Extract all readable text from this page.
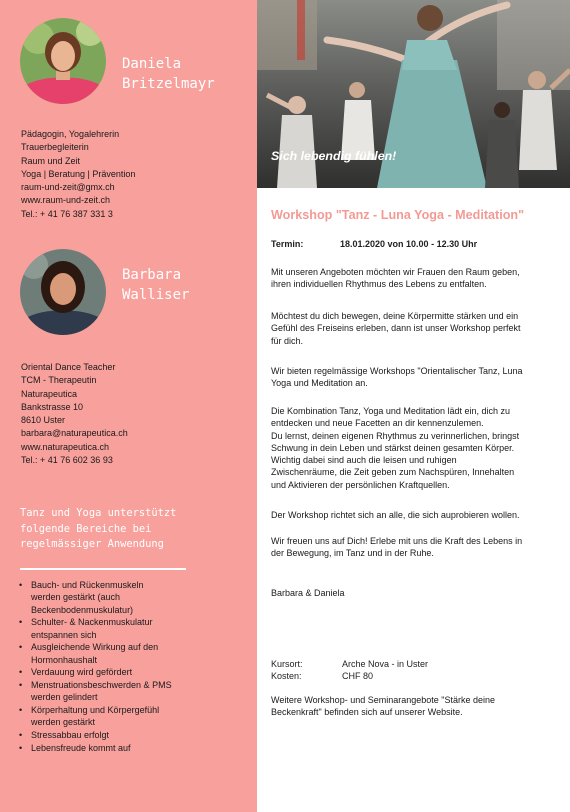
Daniela
Britzelmayr
Pädagogin, Yogalehrerin
Trauerbegleiterin
Raum und Zeit
Yoga | Beratung | Prävention
raum-und-zeit@gmx.ch
www.raum-und-zeit.ch
Tel.: + 41 76 387 331 3
Barbara
Walliser
Oriental Dance Teacher
TCM - Therapeutin
Naturapeutica
Bankstrasse 10
8610 Uster
barbara@naturapeutica.ch
www.naturapeutica.ch
Tel.: + 41 76 602 36 93
Tanz und Yoga unterstützt
folgende Bereiche bei
regelmässiger Anwendung
• Bauch- und Rückenmuskeln
werden gestärkt (auch
Beckenbodenmuskulatur)
• Schulter- & Nackenmuskulatur
entspannen sich
• Ausgleichende Wirkung auf den
Hormonhaushalt
• Verdauung wird gefördert
• Menstruationsbeschwerden & PMS
werden gelindert
• Körperhaltung und Körpergefühl
werden gestärkt
• Stressabbau erfolgt
• Lebensfreude kommt auf
Sich lebendig fühlen!
Workshop "Tanz - Luna Yoga - Meditation"
Termin:	18.01.2020 von 10.00 - 12.30 Uhr
Mit unseren Angeboten möchten wir Frauen den Raum geben,
ihren individuellen Rhythmus des Lebens zu entfalten.
Möchtest du dich bewegen, deine Körpermitte stärken und ein
Gefühl des Freiseins erleben, dann ist unser Workshop perfekt
für dich.
Wir bieten regelmässige Workshops "Orientalischer Tanz, Luna
Yoga und Meditation an.
Die Kombination Tanz, Yoga und Meditation lädt ein, dich zu
entdecken und neue Facetten an dir kennenzulemen.
Du lernst, deinen eigenen Rhythmus zu verinnerlichen, bringst
Schwung in dein Leben und stärkst deinen gesamten Körper.
Wichtig dabei sind auch die leisen und ruhigen
Zwischenräume, die Zeit geben zum Nachspüren, Innehalten
und Aktivieren der persönlichen Kraftquellen.
Der Workshop richtet sich an alle, die sich auprobieren wollen.
Wir freuen uns auf Dich! Erlebe mit uns die Kraft des Lebens in
der Bewegung, im Tanz und in der Ruhe.
Barbara & Daniela
Kursort:	Arche Nova - in Uster
Kosten:	CHF 80
Weitere Workshop- und Seminarangebote "Stärke deine
Beckenkraft" befinden sich auf unserer Website.
